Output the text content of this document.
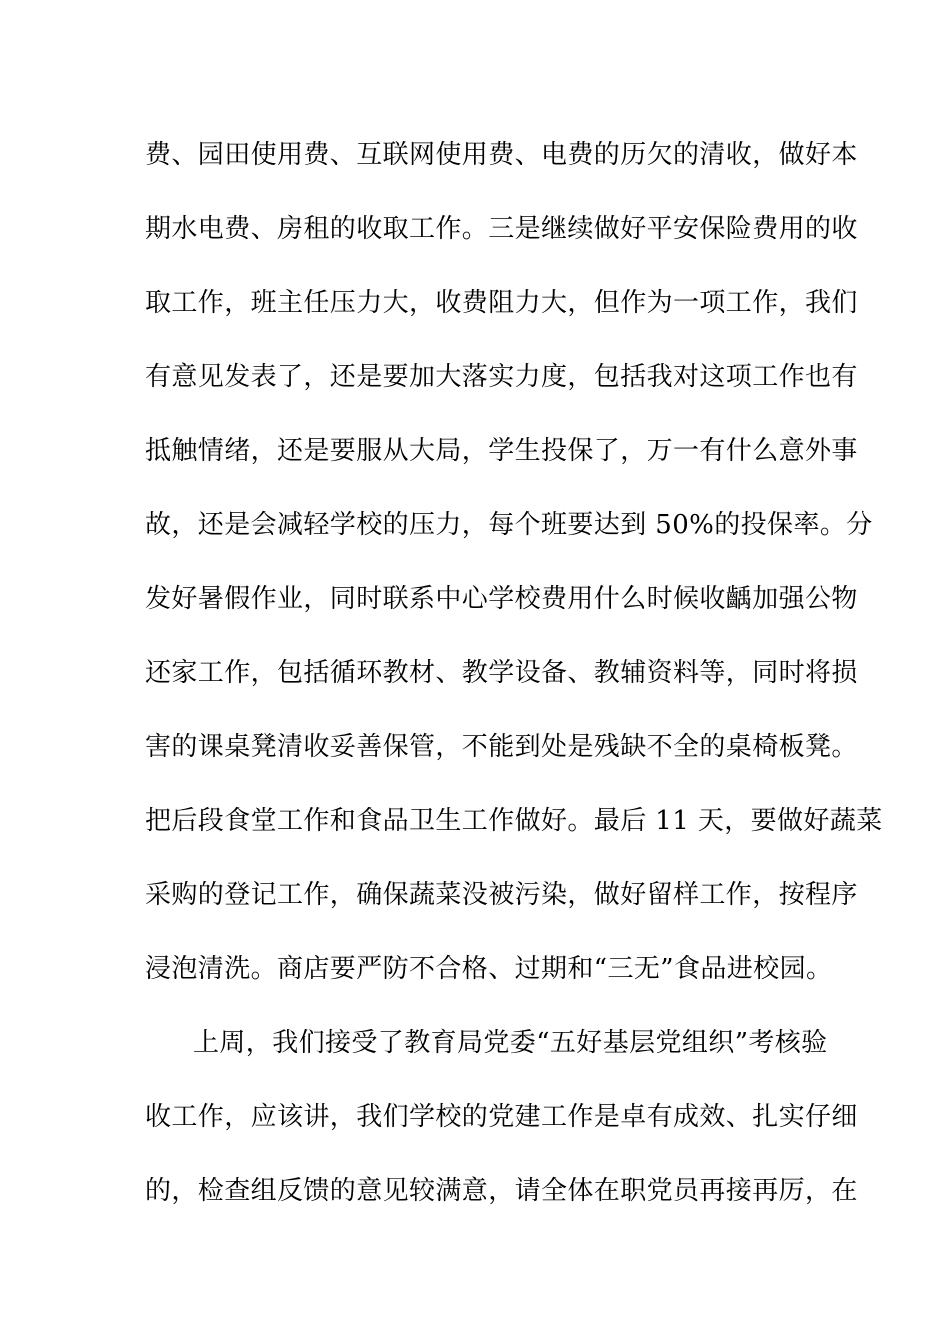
费、园田使用费、互联网使用费、电费的历欠的清收，做好本
期水电费、房租的收取工作。三是继续做好平安保险费用的收
取工作，班主任压力大，收费阻力大，但作为一项工作，我们
有意见发表了，还是要加大落实力度，包括我对这项工作也有
抵触情绪，还是要服从大局，学生投保了，万一有什么意外事
故，还是会减轻学校的压力，每个班要达到 50%的投保率。分
发好暑假作业，同时联系中心学校费用什么时候收齲加强公物
还家工作，包括循环教材、教学设备、教辅资料等，同时将损
害的课桌凳清收妥善保管，不能到处是残缺不全的桌椅板凳。
把后段食堂工作和食品卫生工作做好。最后 11 天，要做好蔬菜
采购的登记工作，确保蔬菜没被污染，做好留样工作，按程序
浸泡清洗。商店要严防不合格、过期和“三无”食品进校园。
上周，我们接受了教育局党委“五好基层党组织”考核验
收工作，应该讲，我们学校的党建工作是卓有成效、扎实仔细
的，检查组反馈的意见较满意，请全体在职党员再接再厉，在
